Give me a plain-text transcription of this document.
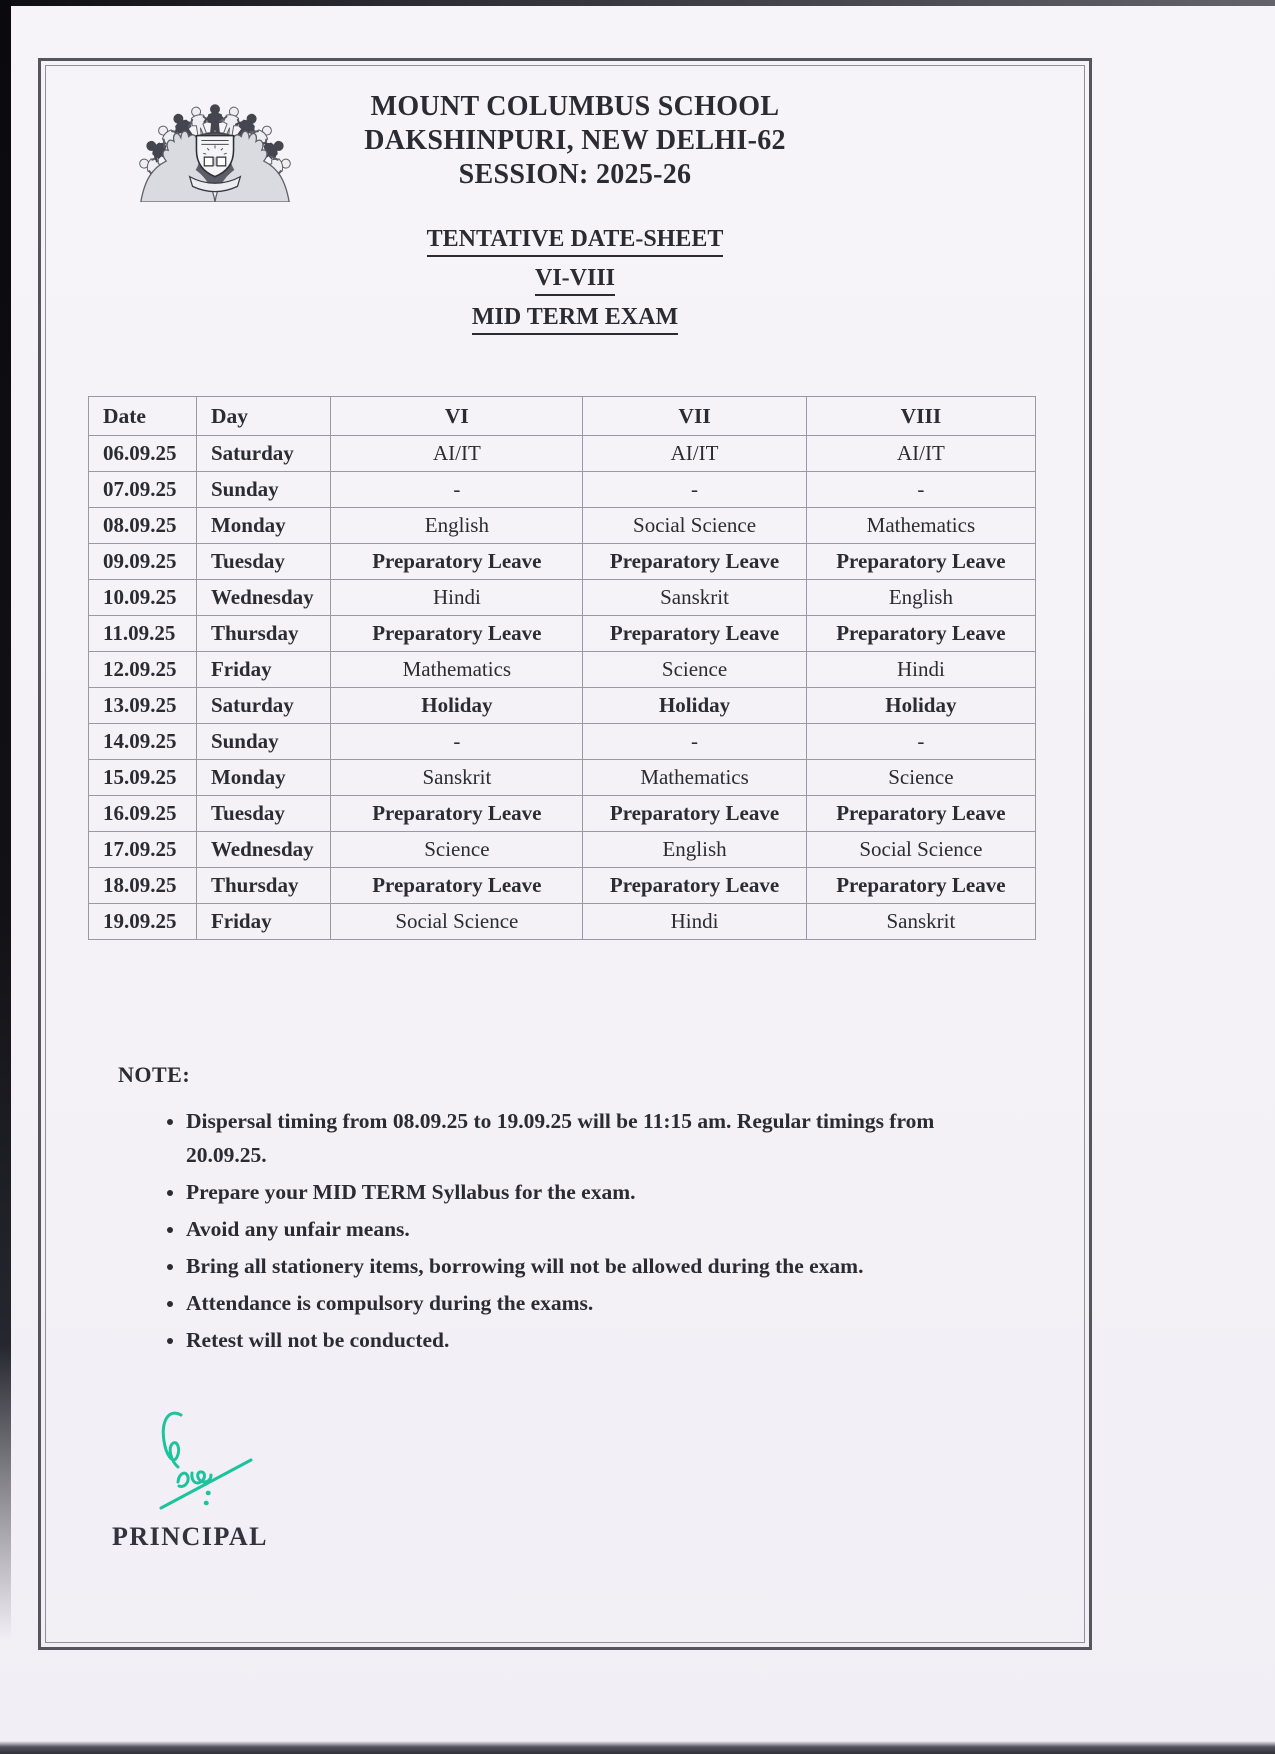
MOUNT COLUMBUS SCHOOL
DAKSHINPURI, NEW DELHI-62
SESSION: 2025-26
TENTATIVE DATE-SHEET
VI-VIII
MID TERM EXAM
Date	Day	VI	VII	VIII
06.09.25	Saturday	AI/IT	AI/IT	AI/IT
07.09.25	Sunday	-	-	-
08.09.25	Monday	English	Social Science	Mathematics
09.09.25	Tuesday	Preparatory Leave	Preparatory Leave	Preparatory Leave
10.09.25	Wednesday	Hindi	Sanskrit	English
11.09.25	Thursday	Preparatory Leave	Preparatory Leave	Preparatory Leave
12.09.25	Friday	Mathematics	Science	Hindi
13.09.25	Saturday	Holiday	Holiday	Holiday
14.09.25	Sunday	-	-	-
15.09.25	Monday	Sanskrit	Mathematics	Science
16.09.25	Tuesday	Preparatory Leave	Preparatory Leave	Preparatory Leave
17.09.25	Wednesday	Science	English	Social Science
18.09.25	Thursday	Preparatory Leave	Preparatory Leave	Preparatory Leave
19.09.25	Friday	Social Science	Hindi	Sanskrit
NOTE:
• Dispersal timing from 08.09.25 to 19.09.25 will be 11:15 am. Regular timings from 20.09.25.
• Prepare your MID TERM Syllabus for the exam.
• Avoid any unfair means.
• Bring all stationery items, borrowing will not be allowed during the exam.
• Attendance is compulsory during the exams.
• Retest will not be conducted.
PRINCIPAL
